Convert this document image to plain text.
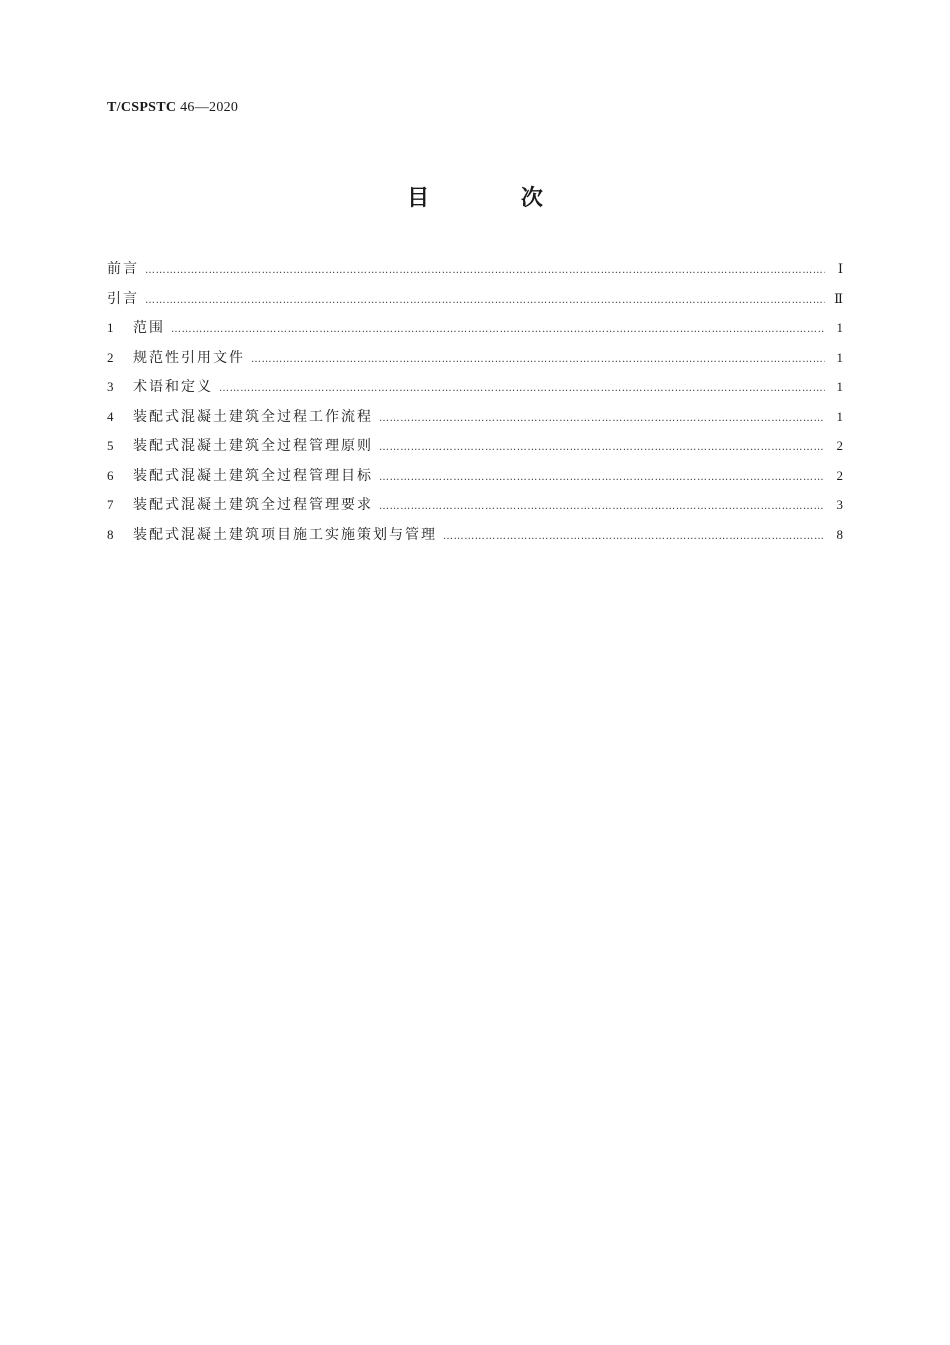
T/CSPSTC 46—2020
目 次
前言 ……………………………………………………………………………………………………………………………………………………………………………………………………………………	Ⅰ
引言 ……………………………………………………………………………………………………………………………………………………………………………………………………………………	Ⅱ
1	范围 ……………………………………………………………………………………………………………………………………………………………………………………………………………………	1
2	规范性引用文件 ……………………………………………………………………………………………………………………………………………………………………………………………………………………	1
3	术语和定义 ……………………………………………………………………………………………………………………………………………………………………………………………………………………	1
4	装配式混凝土建筑全过程工作流程 ……………………………………………………………………………………………………………………………………………………………………………………………………………………	1
5	装配式混凝土建筑全过程管理原则 ……………………………………………………………………………………………………………………………………………………………………………………………………………………	2
6	装配式混凝土建筑全过程管理目标 ……………………………………………………………………………………………………………………………………………………………………………………………………………………	2
7	装配式混凝土建筑全过程管理要求 ……………………………………………………………………………………………………………………………………………………………………………………………………………………	3
8	装配式混凝土建筑项目施工实施策划与管理 ……………………………………………………………………………………………………………………………………………………………………………………………………………………	8
